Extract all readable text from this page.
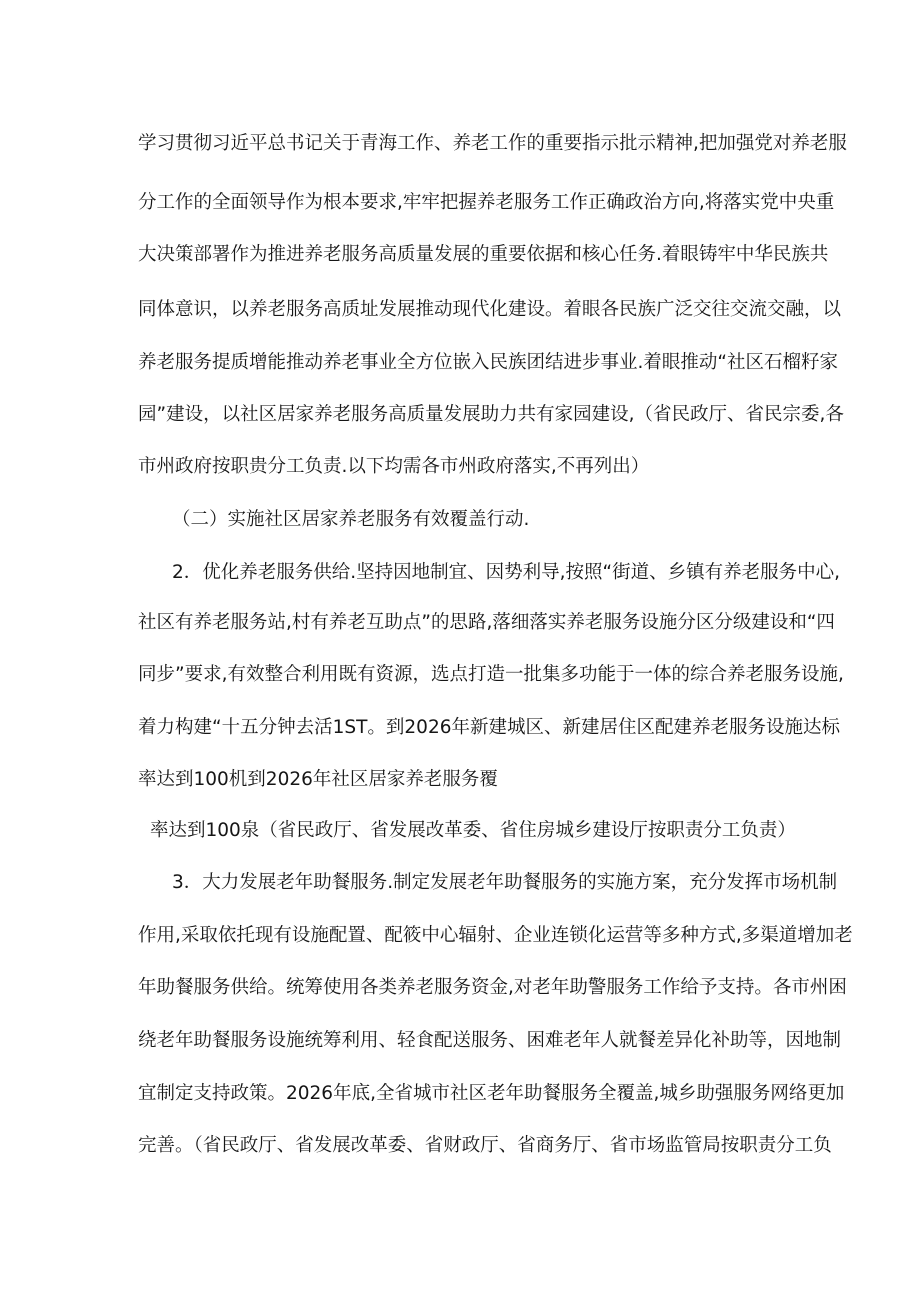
学习贯彻习近平总书记关于青海工作、养老工作的重要指示批示精神,把加强党对养老服
分工作的全面领导作为根本要求,牢牢把握养老服务工作正确政治方向,将落实党中央重
大决策部署作为推进养老服务高质量发展的重要依据和核心任务.着眼铸牢中华民族共
同体意识，以养老服务高质址发展推动现代化建设。着眼各民族广泛交往交流交融，以
养老服务提质增能推动养老事业全方位嵌入民族团结进步事业.着眼推动“社区石榴籽家
园”建设，以社区居家养老服务高质量发展助力共有家园建设,（省民政厅、省民宗委,各
市州政府按职贵分工负责.以下均需各市州政府落实,不再列出）
（二）实施社区居家养老服务有效覆盖行动.
2．优化养老服务供给.坚持因地制宜、因势利导,按照“街道、乡镇有养老服务中心,
社区有养老服务站,村有养老互助点”的思路,落细落实养老服务设施分区分级建设和“四
同步”要求,有效整合利用既有资源，选点打造一批集多功能于一体的综合养老服务设施,
着力构建“十五分钟去活1ST。到2026年新建城区、新建居住区配建养老服务设施达标
率达到100机到2026年社区居家养老服务覆
率达到100泉（省民政厅、省发展改革委、省住房城乡建设厅按职责分工负责）
3．大力发展老年助餐服务.制定发展老年助餐服务的实施方案，充分发挥市场机制
作用,采取依托现有设施配置、配筱中心辐射、企业连锁化运营等多种方式,多渠道增加老
年助餐服务供给。统筹使用各类养老服务资金,对老年助警服务工作给予支持。各市州困
绕老年助餐服务设施统筹利用、轻食配送服务、困难老年人就餐差异化补助等，因地制
宜制定支持政策。2026年底,全省城市社区老年助餐服务全覆盖,城乡助强服务网络更加
完善。（省民政厅、省发展改革委、省财政厅、省商务厅、省市场监管局按职责分工负
